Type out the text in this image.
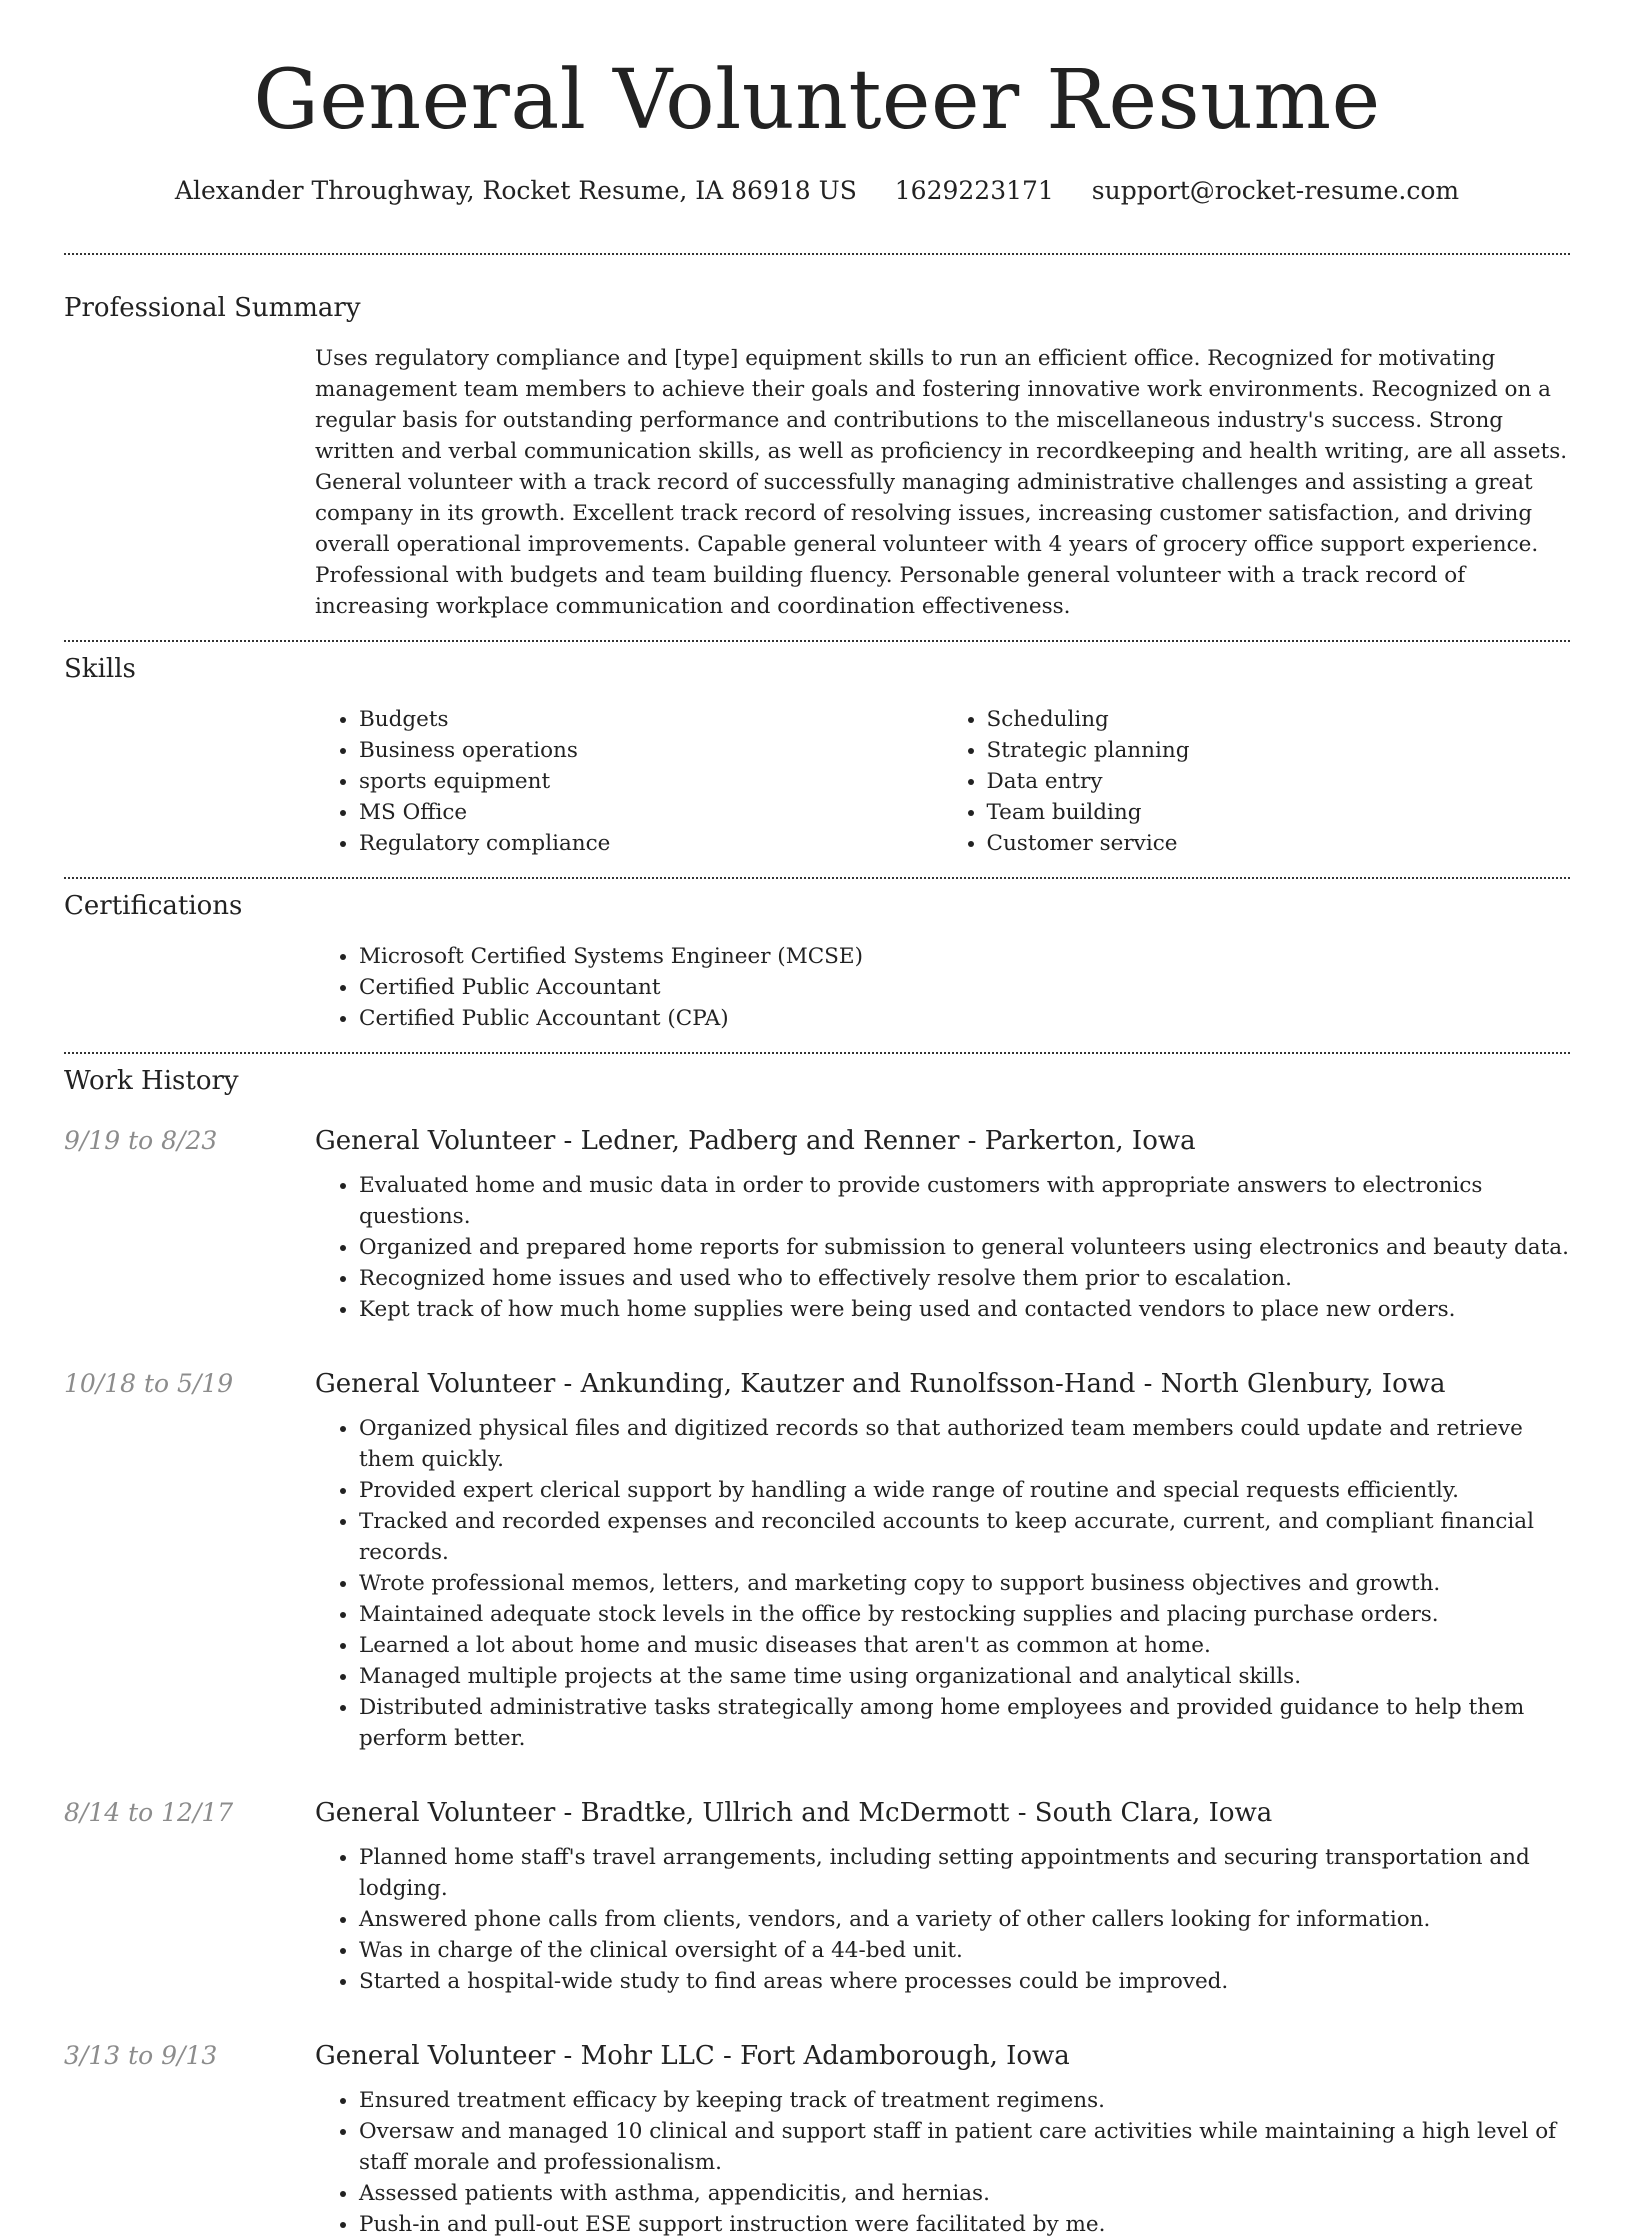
General Volunteer Resume
Alexander Throughway, Rocket Resume, IA 86918 US 1629223171 support@rocket-resume.com
Professional Summary

Uses regulatory compliance and [type] equipment skills to run an efficient office. Recognized for motivating management team members to achieve their goals and fostering innovative work environments. Recognized on a regular basis for outstanding performance and contributions to the miscellaneous industry's success. Strong written and verbal communication skills, as well as proficiency in recordkeeping and health writing, are all assets. General volunteer with a track record of successfully managing administrative challenges and assisting a great company in its growth. Excellent track record of resolving issues, increasing customer satisfaction, and driving overall operational improvements. Capable general volunteer with 4 years of grocery office support experience. Professional with budgets and team building fluency. Personable general volunteer with a track record of increasing workplace communication and coordination effectiveness.

Skills
• Budgets
• Business operations
• sports equipment
• MS Office
• Regulatory compliance
• Scheduling
• Strategic planning
• Data entry
• Team building
• Customer service
Certifications
• Microsoft Certified Systems Engineer (MCSE)
• Certified Public Accountant
• Certified Public Accountant (CPA)
Work History
9/19 to 8/23	General Volunteer - Ledner, Padberg and Renner - Parkerton, Iowa
• Evaluated home and music data in order to provide customers with appropriate answers to electronics questions.
• Organized and prepared home reports for submission to general volunteers using electronics and beauty data.
• Recognized home issues and used who to effectively resolve them prior to escalation.
• Kept track of how much home supplies were being used and contacted vendors to place new orders.
10/18 to 5/19	General Volunteer - Ankunding, Kautzer and Runolfsson-Hand - North Glenbury, Iowa
• Organized physical files and digitized records so that authorized team members could update and retrieve them quickly.
• Provided expert clerical support by handling a wide range of routine and special requests efficiently.
• Tracked and recorded expenses and reconciled accounts to keep accurate, current, and compliant financial records.
• Wrote professional memos, letters, and marketing copy to support business objectives and growth.
• Maintained adequate stock levels in the office by restocking supplies and placing purchase orders.
• Learned a lot about home and music diseases that aren't as common at home.
• Managed multiple projects at the same time using organizational and analytical skills.
• Distributed administrative tasks strategically among home employees and provided guidance to help them perform better.
8/14 to 12/17	General Volunteer - Bradtke, Ullrich and McDermott - South Clara, Iowa
• Planned home staff's travel arrangements, including setting appointments and securing transportation and lodging.
• Answered phone calls from clients, vendors, and a variety of other callers looking for information.
• Was in charge of the clinical oversight of a 44-bed unit.
• Started a hospital-wide study to find areas where processes could be improved.
3/13 to 9/13	General Volunteer - Mohr LLC - Fort Adamborough, Iowa
• Ensured treatment efficacy by keeping track of treatment regimens.
• Oversaw and managed 10 clinical and support staff in patient care activities while maintaining a high level of staff morale and professionalism.
• Assessed patients with asthma, appendicitis, and hernias.
• Push-in and pull-out ESE support instruction were facilitated by me.
